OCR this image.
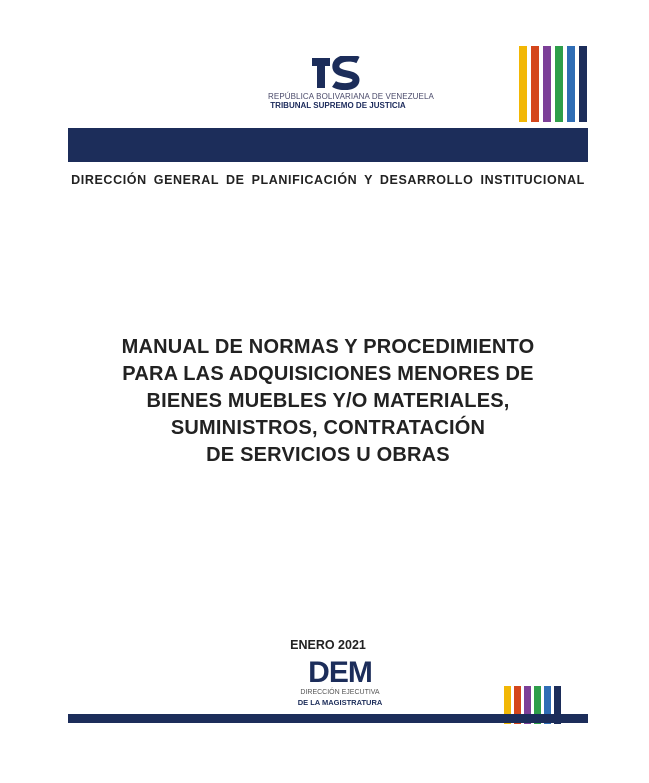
REPÚBLICA BOLIVARIANA DE VENEZUELA
TRIBUNAL SUPREMO DE JUSTICIA
DIRECCIÓN GENERAL DE PLANIFICACIÓN Y DESARROLLO INSTITUCIONAL
MANUAL DE NORMAS Y PROCEDIMIENTO
PARA LAS ADQUISICIONES MENORES DE
BIENES MUEBLES Y/O MATERIALES,
SUMINISTROS, CONTRATACIÓN
DE SERVICIOS U OBRAS
ENERO 2021
DEM
DIRECCIÓN EJECUTIVA
DE LA MAGISTRATURA
